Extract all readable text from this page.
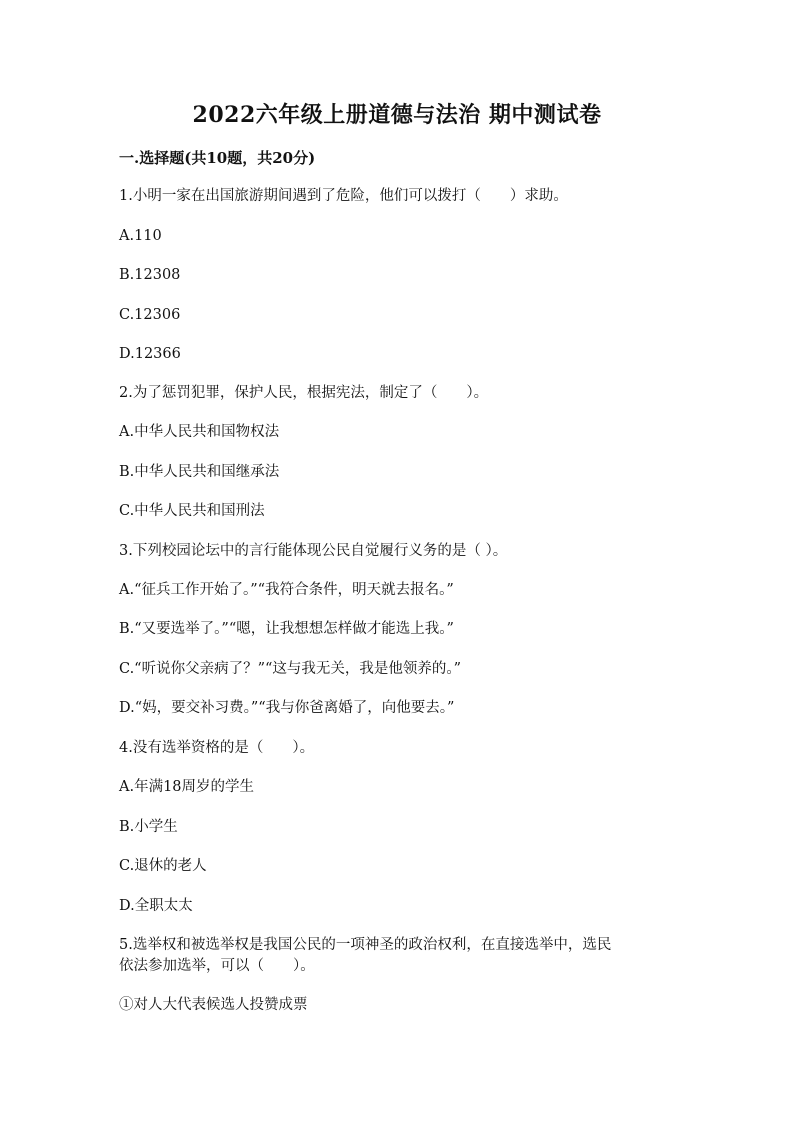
2022六年级上册道德与法治 期中测试卷
一.选择题(共10题，共20分)
1.小明一家在出国旅游期间遇到了危险，他们可以拨打（　　）求助。
A.110
B.12308
C.12306
D.12366
2.为了惩罚犯罪，保护人民，根据宪法，制定了（　　）。
A.中华人民共和国物权法
B.中华人民共和国继承法
C.中华人民共和国刑法
3.下列校园论坛中的言行能体现公民自觉履行义务的是（ ）。
A.“征兵工作开始了。”“我符合条件，明天就去报名。”
B.“又要选举了。”“嗯，让我想想怎样做才能选上我。”
C.“听说你父亲病了？”“这与我无关，我是他领养的。”
D.“妈，要交补习费。”“我与你爸离婚了，向他要去。”
4.没有选举资格的是（　　）。
A.年满18周岁的学生
B.小学生
C.退休的老人
D.全职太太
5.选举权和被选举权是我国公民的一项神圣的政治权利，在直接选举中，选民
依法参加选举，可以（　　）。
①对人大代表候选人投赞成票
